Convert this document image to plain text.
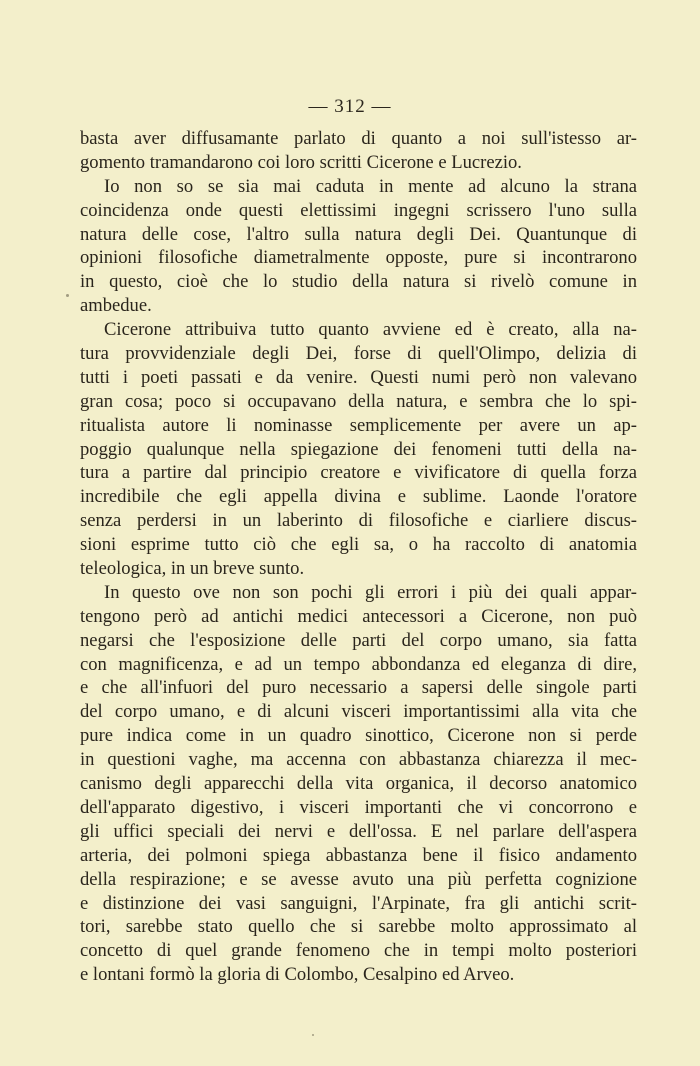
— 312 —
basta aver diffusamante parlato di quanto a noi sull'istesso ar-
gomento tramandarono coi loro scritti Cicerone e Lucrezio.
Io non so se sia mai caduta in mente ad alcuno la strana
coincidenza onde questi elettissimi ingegni scrissero l'uno sulla
natura delle cose, l'altro sulla natura degli Dei. Quantunque di
opinioni filosofiche diametralmente opposte, pure si incontrarono
in questo, cioè che lo studio della natura si rivelò comune in
ambedue.
Cicerone attribuiva tutto quanto avviene ed è creato, alla na-
tura provvidenziale degli Dei, forse di quell'Olimpo, delizia di
tutti i poeti passati e da venire. Questi numi però non valevano
gran cosa; poco si occupavano della natura, e sembra che lo spi-
ritualista autore li nominasse semplicemente per avere un ap-
poggio qualunque nella spiegazione dei fenomeni tutti della na-
tura a partire dal principio creatore e vivificatore di quella forza
incredibile che egli appella divina e sublime. Laonde l'oratore
senza perdersi in un laberinto di filosofiche e ciarliere discus-
sioni esprime tutto ciò che egli sa, o ha raccolto di anatomia
teleologica, in un breve sunto.
In questo ove non son pochi gli errori i più dei quali appar-
tengono però ad antichi medici antecessori a Cicerone, non può
negarsi che l'esposizione delle parti del corpo umano, sia fatta
con magnificenza, e ad un tempo abbondanza ed eleganza di dire,
e che all'infuori del puro necessario a sapersi delle singole parti
del corpo umano, e di alcuni visceri importantissimi alla vita che
pure indica come in un quadro sinottico, Cicerone non si perde
in questioni vaghe, ma accenna con abbastanza chiarezza il mec-
canismo degli apparecchi della vita organica, il decorso anatomico
dell'apparato digestivo, i visceri importanti che vi concorrono e
gli uffici speciali dei nervi e dell'ossa. E nel parlare dell'aspera
arteria, dei polmoni spiega abbastanza bene il fisico andamento
della respirazione; e se avesse avuto una più perfetta cognizione
e distinzione dei vasi sanguigni, l'Arpinate, fra gli antichi scrit-
tori, sarebbe stato quello che si sarebbe molto approssimato al
concetto di quel grande fenomeno che in tempi molto posteriori
e lontani formò la gloria di Colombo, Cesalpino ed Arveo.
